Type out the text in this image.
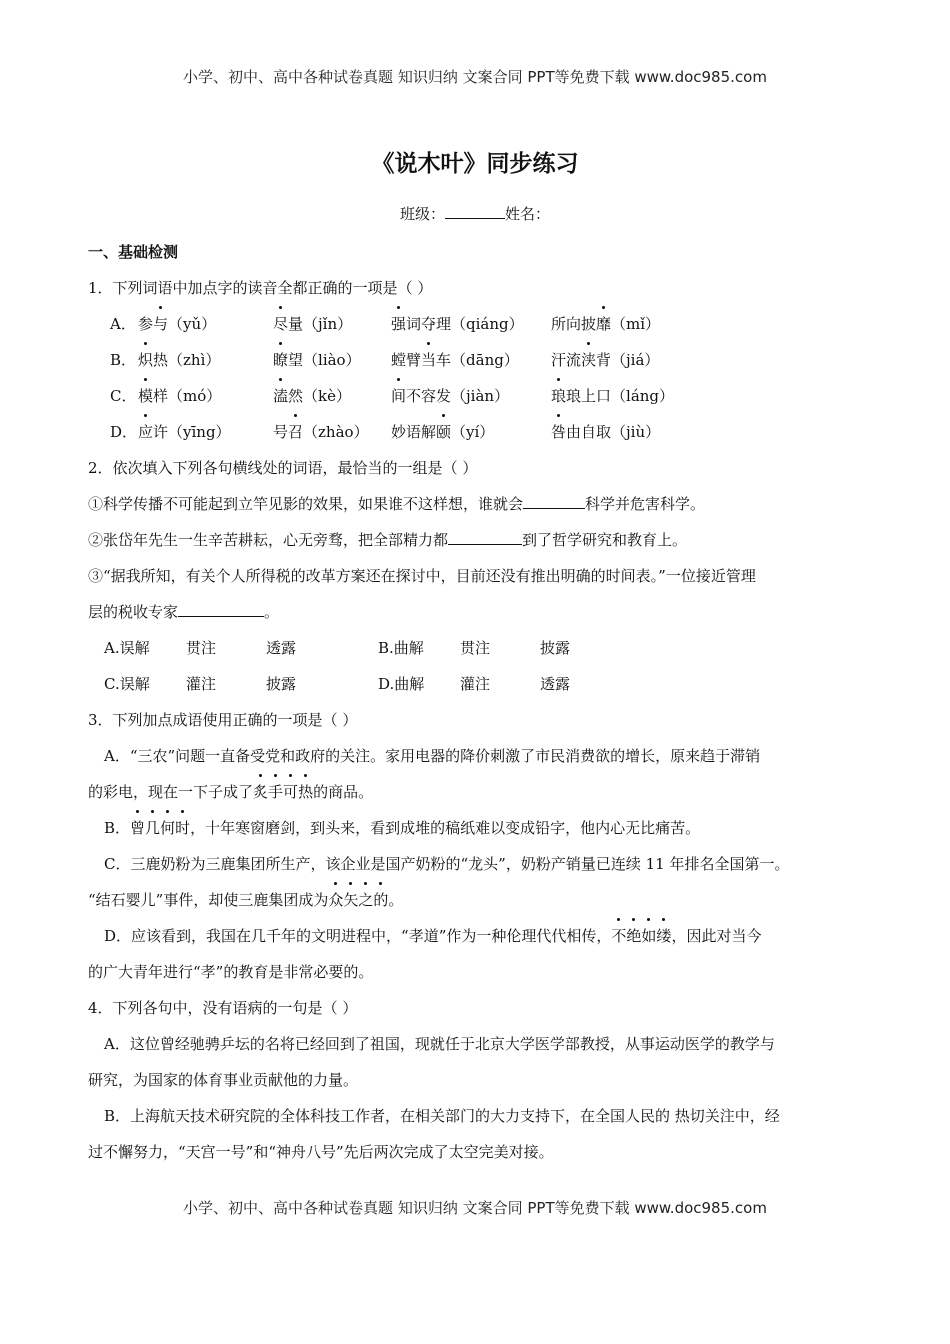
小学、初中、高中各种试卷真题 知识归纳 文案合同 PPT等免费下载 www.doc985.com
《说木叶》同步练习
班级：	姓名：
一、基础检测
1．下列词语中加点字的读音全都正确的一项是（ ）
A． 参与（yǔ）	尽量（jǐn）	强词夺理（qiáng） 所向披靡（mǐ）
B． 炽热（zhì）	瞭望（liào） 螳臂当车（dāng） 汗流浃背（jiá）
C． 模样（mó）	溘然（kè）	间不容发（jiàn）	琅琅上口（láng）
D．应许（yīng）	号召（zhào） 妙语解颐（yí）	咎由自取（jiù）
2．依次填入下列各句横线处的词语，最恰当的一组是（ ）
①科学传播不可能起到立竿见影的效果，如果谁不这样想，谁就会	科学并危害科学。
②张岱年先生一生辛苦耕耘，心无旁骛，把全部精力都	到了哲学研究和教育上。
③“据我所知，有关个人所得税的改革方案还在探讨中，目前还没有推出明确的时间表。”一位接近管理
层的税收专家	。
A.误解 贯注	透露	B.曲解 贯注	披露
C.误解 灌注	披露	D.曲解 灌注	透露
3．下列加点成语使用正确的一项是（ ）
A．“三农”问题一直备受党和政府的关注。家用电器的降价刺激了市民消费欲的增长，原来趋于滞销
的彩电，现在一下子成了炙手可热的商品。
B．曾几何时，十年寒窗磨剑，到头来，看到成堆的稿纸难以变成铅字，他内心无比痛苦。
C．三鹿奶粉为三鹿集团所生产，该企业是国产奶粉的“龙头”，奶粉产销量已连续 11 年排名全国第一。
“结石婴儿”事件，却使三鹿集团成为众矢之的。
D．应该看到，我国在几千年的文明进程中，“孝道”作为一种伦理代代相传，不绝如缕，因此对当今
的广大青年进行“孝”的教育是非常必要的。
4．下列各句中，没有语病的一句是（ ）
A．这位曾经驰骋乒坛的名将已经回到了祖国，现就任于北京大学医学部教授，从事运动医学的教学与
研究，为国家的体育事业贡献他的力量。
B．上海航天技术研究院的全体科技工作者，在相关部门的大力支持下，在全国人民的 热切关注中，经
过不懈努力，“天宫一号”和“神舟八号”先后两次完成了太空完美对接。
小学、初中、高中各种试卷真题 知识归纳 文案合同 PPT等免费下载 www.doc985.com
